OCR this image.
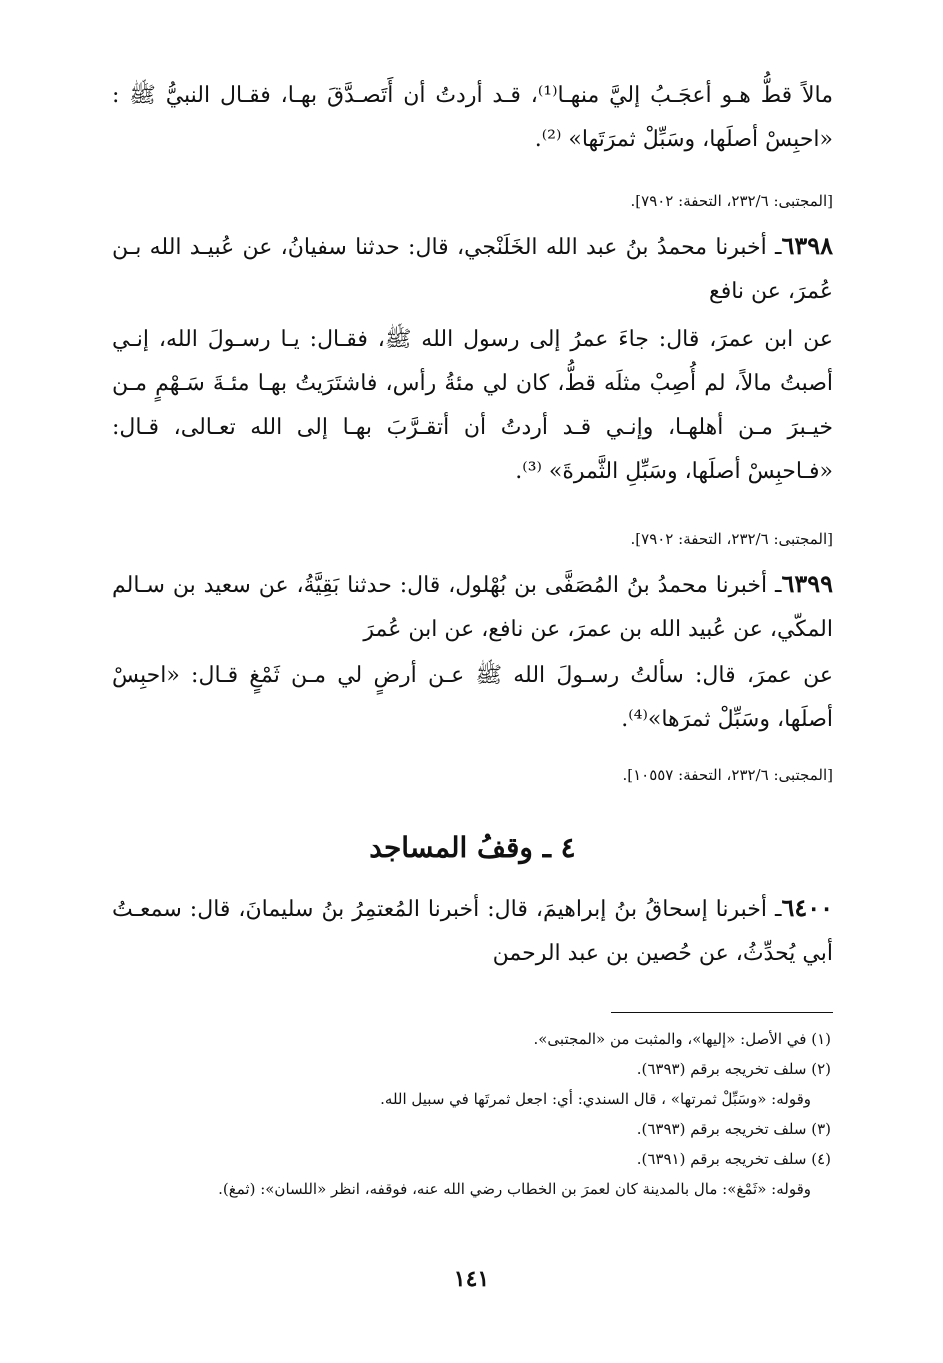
مالاً قطُّ هـو أعجَـبُ إليَّ منهـا⁽¹⁾، قـد أردتُ أن أَتَصـدَّقَ بهـا، فقـال النبيُّ ﷺ : «احبِسْ أصلَها، وسَبِّلْ ثمرَتَها» ⁽²⁾.

[المجتبى: ٢٣٢/٦، التحفة: ٧٩٠٢].

٦٣٩٨ـ أخبرنا محمدُ بنُ عبد الله الخَلَنْجي، قال: حدثنا سفيانُ، عن عُبيـد الله بـن عُمرَ، عن نافع

عن ابن عمرَ، قال: جاءَ عمرُ إلى رسول الله ﷺ، فقـال: يـا رسـولَ الله، إنـي أصبتُ مالاً، لم أُصِبْ مثلَه قطُّ، كان لي مئةُ رأس، فاشتَرَيتُ بهـا مئـةَ سَـهْمٍ مـن خيـبرَ مـن أهلهـا، وإنـي قـد أردتُ أن أتقـرَّبَ بهـا إلى الله تعـالى، قـال: «فـاحبِسْ أصلَها، وسَبِّلِ الثَّمرةَ» ⁽³⁾.

[المجتبى: ٢٣٢/٦، التحفة: ٧٩٠٢].

٦٣٩٩ـ أخبرنا محمدُ بنُ المُصَفَّى بن بُهْلول، قال: حدثنا بَقِيَّةُ، عن سعيد بن سـالم المكّي، عن عُبيد الله بن عمرَ، عن نافع، عن ابن عُمرَ

عن عمرَ، قال: سألتُ رسـولَ الله ﷺ عـن أرضٍ لي مـن ثَمْغٍ قـال: «احبِسْ أصلَها، وسَبِّلْ ثمرَها»⁽⁴⁾.

[المجتبى: ٢٣٢/٦، التحفة: ١٠٥٥٧].

٤ ـ وقفُ المساجد

٦٤٠٠ـ أخبرنا إسحاقُ بنُ إبراهيمَ، قال: أخبرنا المُعتمِرُ بنُ سليمانَ، قال: سمعـتُ أبي يُحدِّثُ، عن حُصين بن عبد الرحمن

(١) في الأصل: «إليها»، والمثبت من «المجتبى».
(٢) سلف تخريجه برقم (٦٣٩٣).
وقوله: «وسَبِّلْ ثمرتها» ، قال السندي: أي: اجعل ثمرتَها في سبيل الله.
(٣) سلف تخريجه برقم (٦٣٩٣).
(٤) سلف تخريجه برقم (٦٣٩١).
وقوله: «ثَمْغ»: مال بالمدينة كان لعمرَ بن الخطاب رضي الله عنه، فوقفه، انظر «اللسان»: (ثمغ).

١٤١
